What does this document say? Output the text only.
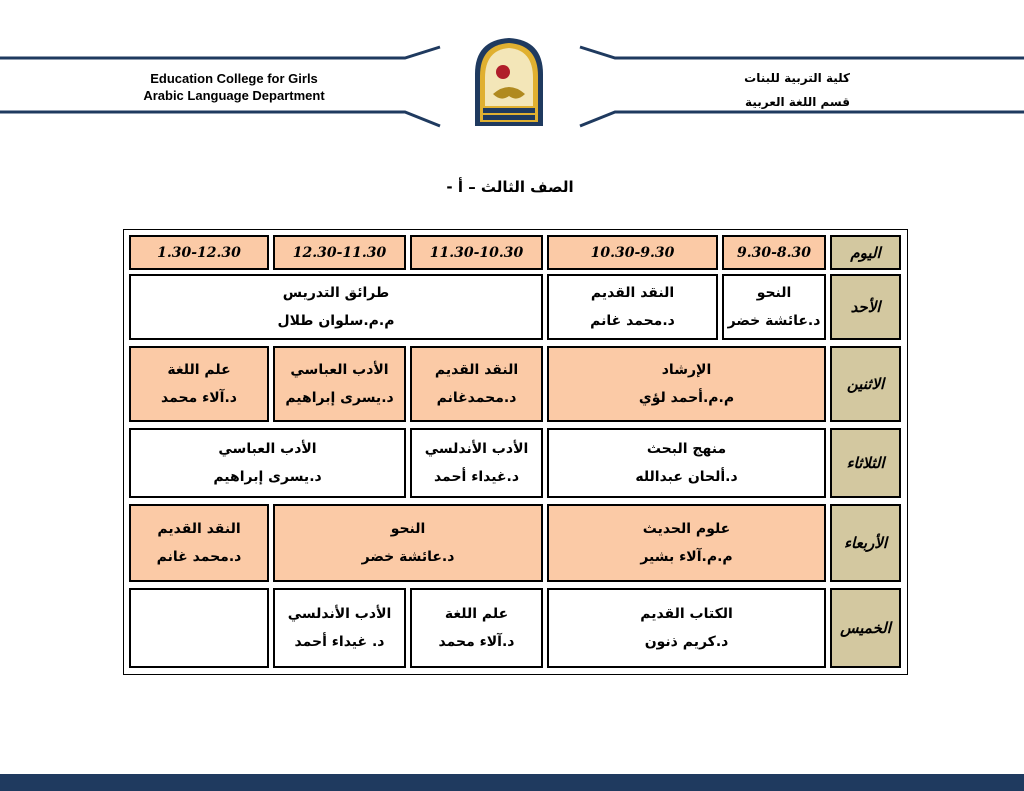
Education College for Girls
Arabic Language Department
كلية التربية للبنات
قسم اللغة العربية
الصف الثالث – أ -
اليوم
9.30-8.30
10.30-9.30
11.30-10.30
12.30-11.30
1.30-12.30
الأحد
النحو
د.عائشة خضر
النقد القديم
د.محمد غانم
طرائق التدريس
م.م.سلوان طلال
الاثنين
الإرشاد
م.م.أحمد لؤي
النقد القديم
د.محمدغانم
الأدب العباسي
د.يسرى إبراهيم
علم اللغة
د.آلاء محمد
الثلاثاء
منهج البحث
د.ألحان عبدالله
الأدب الأندلسي
د.غيداء أحمد
الأدب العباسي
د.يسرى إبراهيم
الأربعاء
علوم الحديث
م.م.آلاء بشير
النحو
د.عائشة خضر
النقد القديم
د.محمد غانم
الخميس
الكتاب القديم
د.كريم ذنون
علم اللغة
د.آلاء محمد
الأدب الأندلسي
د. غيداء أحمد
